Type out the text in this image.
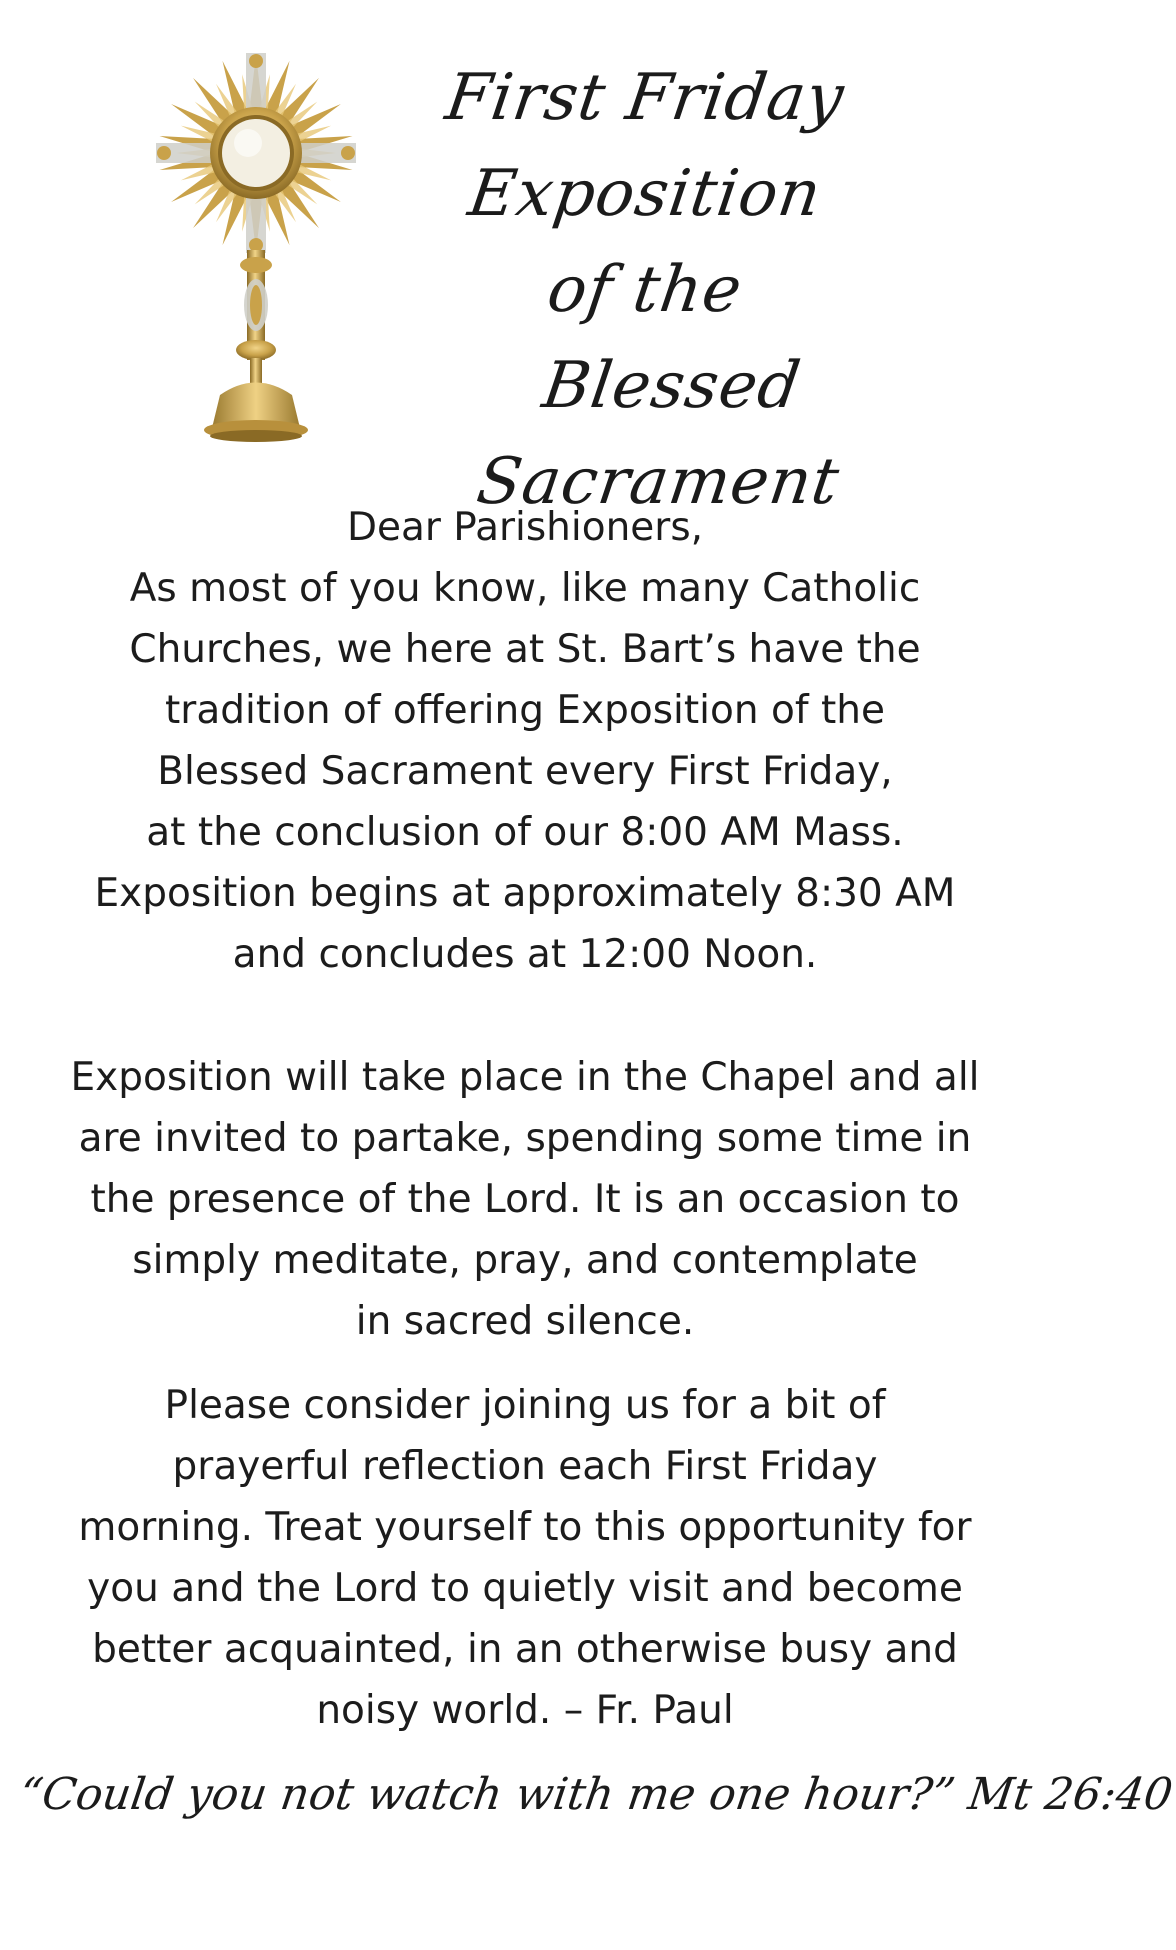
First Friday
Exposition
of the
Blessed Sacrament
Dear Parishioners,
As most of you know, like many Catholic
Churches, we here at St. Bart’s have the
tradition of offering Exposition of the
Blessed Sacrament every First Friday,
at the conclusion of our 8:00 AM Mass.
Exposition begins at approximately 8:30 AM
and concludes at 12:00 Noon.
Exposition will take place in the Chapel and all
are invited to partake, spending some time in
the presence of the Lord. It is an occasion to
simply meditate, pray, and contemplate
in sacred silence.
Please consider joining us for a bit of
prayerful reflection each First Friday
morning. Treat yourself to this opportunity for
you and the Lord to quietly visit and become
better acquainted, in an otherwise busy and
noisy world. – Fr. Paul
“Could you not watch with me one hour?” Mt 26:40
